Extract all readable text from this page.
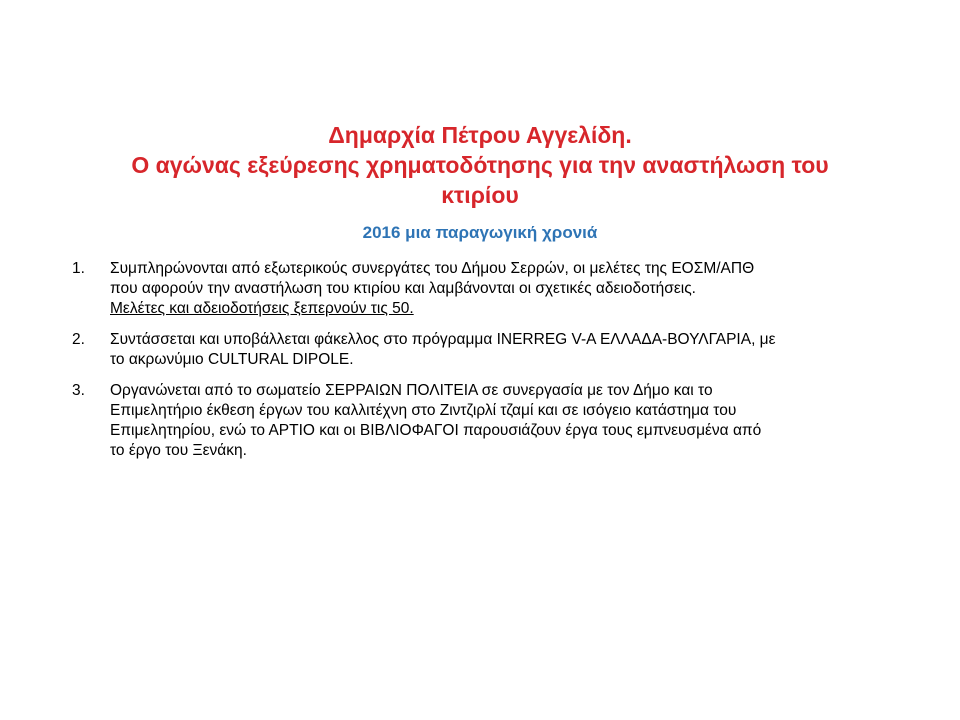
Δημαρχία Πέτρου Αγγελίδη.
Ο αγώνας εξεύρεσης χρηματοδότησης για την αναστήλωση του
κτιρίου
2016 μια παραγωγική χρονιά
1. Συμπληρώνονται από εξωτερικούς συνεργάτες του Δήμου Σερρών, οι μελέτες της ΕΟΣΜ/ΑΠΘ
που αφορούν την αναστήλωση του κτιρίου και λαμβάνονται οι σχετικές αδειοδοτήσεις.
Μελέτες και αδειοδοτήσεις ξεπερνούν τις 50.
2. Συντάσσεται και υποβάλλεται φάκελλος στο πρόγραμμα INERREG V-A ΕΛΛΑΔΑ-ΒΟΥΛΓΑΡΙΑ, με
το ακρωνύμιο CULTURAL DIPOLE.
3. Οργανώνεται από το σωματείο ΣΕΡΡΑΙΩΝ ΠΟΛΙΤΕΙΑ σε συνεργασία με τον Δήμο και το
Επιμελητήριο έκθεση έργων του καλλιτέχνη στο Ζιντζιρλί τζαμί και σε ισόγειο κατάστημα του
Επιμελητηρίου, ενώ το ΑΡΤΙΟ και οι ΒΙΒΛΙΟΦΑΓΟΙ παρουσιάζουν έργα τους εμπνευσμένα από
το έργο του Ξενάκη.
